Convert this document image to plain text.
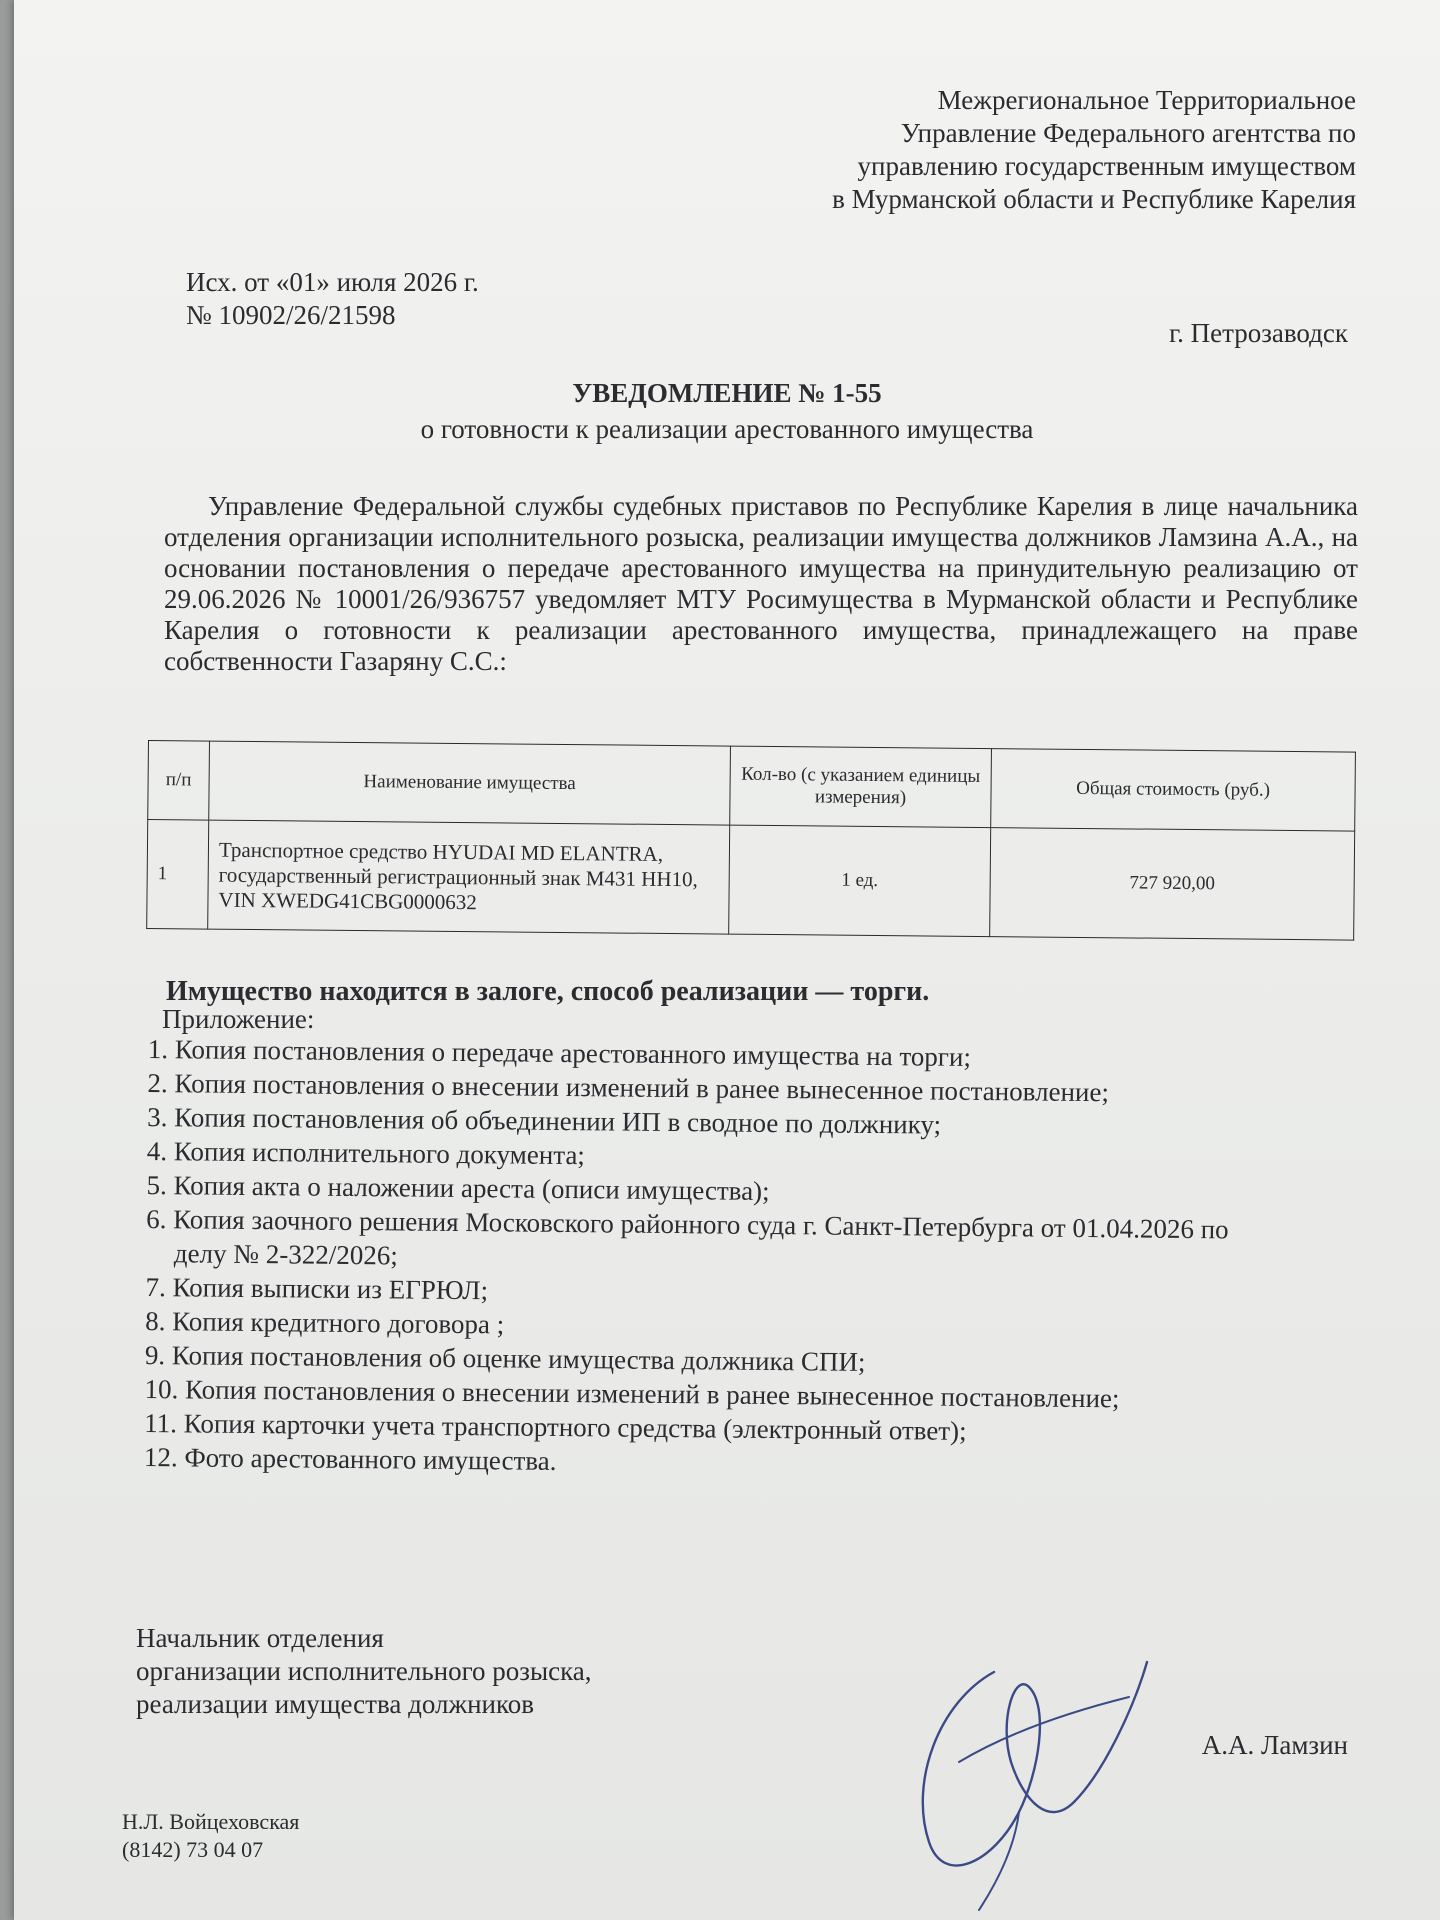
Межрегиональное Территориальное
Управление Федерального агентства по
управлению государственным имуществом
в Мурманской области и Республике Карелия
Исх. от «01» июля 2026 г.
№ 10902/26/21598
г. Петрозаводск
УВЕДОМЛЕНИЕ № 1-55
о готовности к реализации арестованного имущества

Управление Федеральной службы судебных приставов по Республике Карелия в лице начальника отделения организации исполнительного розыска, реализации имущества должников Ламзина А.А., на основании постановления о передаче арестованного имущества на принудительную реализацию от 29.06.2026 № 10001/26/936757 уведомляет МТУ Росимущества в Мурманской области и Республике Карелия о готовности к реализации арестованного имущества, принадлежащего на праве собственности Газаряну С.С.:

п/п	Наименование имущества	Кол-во (с указанием единицы измерения)	Общая стоимость (руб.)
1	Транспортное средство HYUDAI MD ELANTRA, государственный регистрационный знак М431 НН10, VIN XWEDG41CBG0000632	1 ед.	727 920,00
Имущество находится в залоге, способ реализации — торги.
Приложение:
1. Копия постановления о передаче арестованного имущества на торги;
2. Копия постановления о внесении изменений в ранее вынесенное постановление;
3. Копия постановления об объединении ИП в сводное по должнику;
4. Копия исполнительного документа;
5. Копия акта о наложении ареста (описи имущества);
6. Копия заочного решения Московского районного суда г. Санкт-Петербурга от 01.04.2026 по делу № 2-322/2026;
7. Копия выписки из ЕГРЮЛ;
8. Копия кредитного договора ;
9. Копия постановления об оценке имущества должника СПИ;
10. Копия постановления о внесении изменений в ранее вынесенное постановление;
11. Копия карточки учета транспортного средства (электронный ответ);
12. Фото арестованного имущества.
Начальник отделения
организации исполнительного розыска,
реализации имущества должников
А.А. Ламзин
Н.Л. Войцеховская
(8142) 73 04 07
